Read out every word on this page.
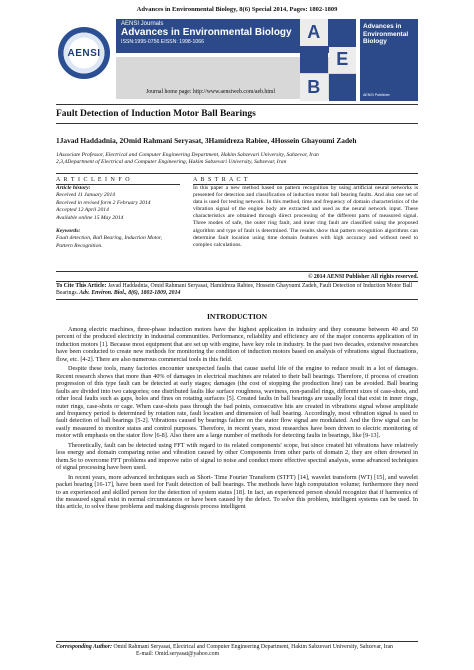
Advances in Environmental Biology, 8(6) Special 2014, Pages: 1802-1809
AENSI
AENSI Journals
Advances in Environmental Biology
ISSN:1995-0756 EISSN: 1998-1066
Journal home page: http://www.aensiweb.com/aeb.html
A
E
B
Advances in Environmental Biology
AENSI Publisher
Fault Detection of Induction Motor Ball Bearings
1Javad Haddadnia, 2Omid Rahmani Seryasat, 3Hamidreza Rabiee, 4Hossein Ghayoumi Zadeh
1Associate Professor, Electrical and Computer Engineering Department, Hakim Sabzevari University, Sabzevar, Iran
2,3,4Department of Electrical and Computer Engineering, Hakim Sabzevari University, Sabzevar, Iran
A R T I C L E I N F O	A B S T R A C T
Article history:
Received 11 January 2014
Received in revised form 2 February 2014
Accepted 12 April 2014
Available online 15 May 2014
Keywords:
Fault detection, Ball Bearing, Induction Motor, Pattern Recognition.
In this paper a new method based on pattern recognition by using artificial neural networks is presented for detection and classification of induction motor ball bearing faults. And also one set of data is used for testing network. In this method, time and frequency of domain characteristics of the vibration signal of the engine body are extracted and used as the neural network input. These characteristics are obtained through direct processing of the different parts of measured signal. Three modes of safe, the outer ring fault, and inner ring fault are classified using the proposed algorithm and type of fault is determined. The results show that pattern recognition algorithms can determine fault location using time domain features with high accuracy and without need to complex calculations.
© 2014 AENSI Publisher All rights reserved.
To Cite This Article: Javad Haddadnia, Omid Rahmani Seryasat, Hamidreza Rabiee, Hossein Ghayoumi Zadeh, Fault Detection of Induction Motor Ball Bearings. Adv. Environ. Biol., 8(6), 1802-1809, 2014
INTRODUCTION

Among electric machines, three-phase induction motors have the highest application in industry and they consume between 40 and 50 percent of the produced electricity in industrial communities. Performance, reliability and efficiency are of the major concerns application of in induction motors [1]. Because most equipment that are set up with engine, have key role in industry. In the past two decades, extensive researches have been conducted to create new methods for monitoring the condition of induction motors based on analysis of vibrations signal fluctuations, flow, etc. [4-2]. There are also numerous commercial tools in this field.

Despite these tools, many factories encounter unexpected faults that cause useful life of the engine to reduce result in a lot of damages. Recent research shows that more than 40% of damages in electrical machines are related to their ball bearings. Therefore, if process of creation progression of this type fault can be detected at early stages; damages (the cost of stopping the production line) can be avoided. Ball bearing faults are divided into two categories; one distributed faults like surface roughness, waviness, non-parallel rings, different sizes of case-shots, and other local faults such as gaps, holes and fines on rotating surfaces [5]. Created faults in ball bearings are usually local that exist in inner rings, outer rings, case-shots or cage. When case-shots pass through the bad points, consecutive hits are created in vibrations signal whose amplitude and frequency period is determined by rotation rate, fault location and dimension of ball bearing. Accordingly, most vibration signal is used to fault detection of ball bearings [5-2]. Vibrations caused by bearings failure on the stator flow signal are modulated. And the flow signal can be easily measured to monitor status and control purposes. Therefore, in recent years, most researches have been driven to electric monitoring of motor with emphasis on the stator flow [6-8]. Also there are a large number of methods for detecting faults in bearings, like [9-13].

Theoretically, fault can be detected using FFT with regard to its related components' scope, but since created hit vibrations have relatively less energy and domain comparing noise and vibration caused by other Components from other parts of domain 2, they are often drowned in them.So to overcome FFT problems and improve ratio of signal to noise and conduct more effective spectral analysis, some advanced techniques of signal processing have been used.

In recent years, more advanced techniques such as Short- Time Fourier Transform (STFT) [14], wavelet transform (WT) [15], and wavelet packet bearing [16-17], have been used for Fault detection of ball bearings. The methods have high computation volume; furthermore they need to an experienced and skilled person for the detection of system status [18]. In fact, an experienced person should recognize that if harmonics of the measured signal exist in normal circumstances or have been caused by the defect. To solve this problem, intelligent systems can be used. In this article, to solve these problems and making diagnosis process intelligent

Corresponding Author: Omid Rahmani Seryasat, Electrical and Computer Engineering Department, Hakim Sabzevari University, Sabzevar, Iran
E-mail: Omid.seryasat@yahoo.com
